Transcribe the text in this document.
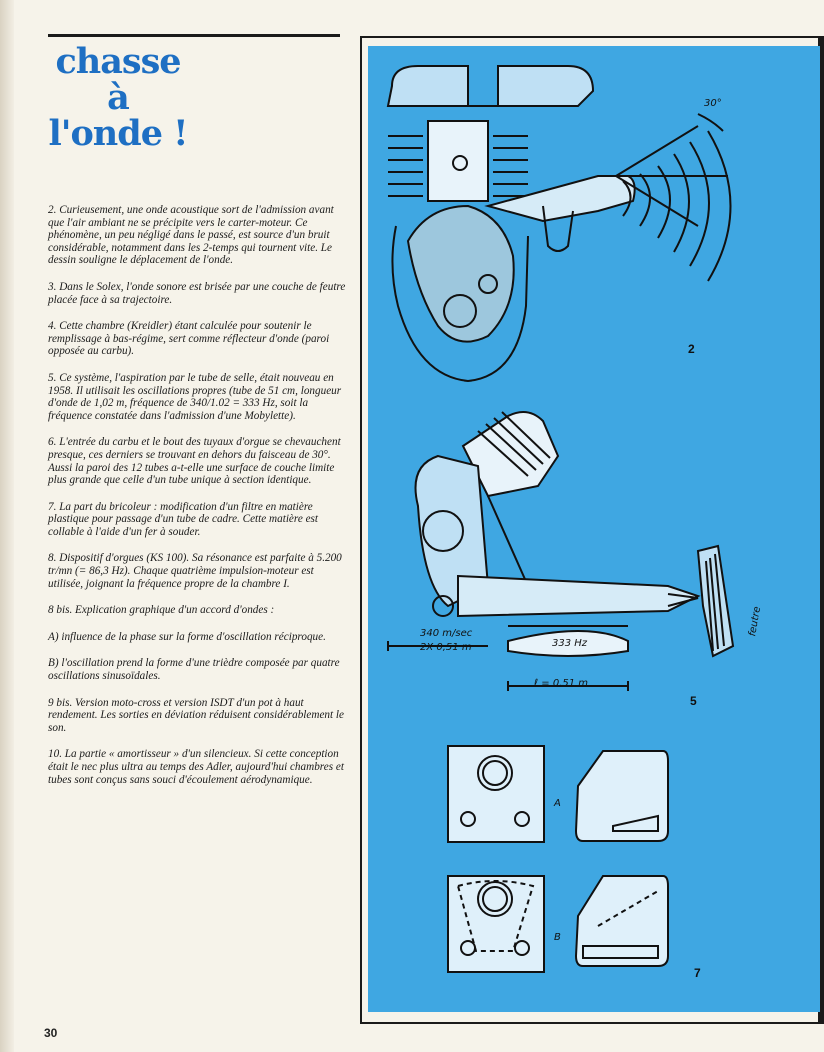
chasse
à
l'onde !

2. Curieusement, une onde acoustique sort de l'admission avant que l'air ambiant ne se précipite vers le carter-moteur. Ce phénomène, un peu négligé dans le passé, est source d'un bruit considérable, notamment dans les 2-temps qui tournent vite. Le dessin souligne le déplacement de l'onde.

3. Dans le Solex, l'onde sonore est brisée par une couche de feutre placée face à sa trajectoire.

4. Cette chambre (Kreidler) étant calculée pour soutenir le remplissage à bas-régime, sert comme réflecteur d'onde (paroi opposée au carbu).

5. Ce système, l'aspiration par le tube de selle, était nouveau en 1958. Il utilisait les oscillations propres (tube de 51 cm, longueur d'onde de 1,02 m, fréquence de 340/1.02 = 333 Hz, soit la fréquence constatée dans l'admission d'une Mobylette).

6. L'entrée du carbu et le bout des tuyaux d'orgue se chevauchent presque, ces derniers se trouvant en dehors du faisceau de 30°. Aussi la paroi des 12 tubes a-t-elle une surface de couche limite plus grande que celle d'un tube unique à section identique.

7. La part du bricoleur : modification d'un filtre en matière plastique pour passage d'un tube de cadre. Cette matière est collable à l'aide d'un fer à souder.

8. Dispositif d'orgues (KS 100). Sa résonance est parfaite à 5.200 tr/mn (= 86,3 Hz). Chaque quatrième impulsion-moteur est utilisée, joignant la fréquence propre de la chambre I.

8 bis. Explication graphique d'un accord d'ondes :

A) influence de la phase sur la forme d'oscillation réciproque.

B) l'oscillation prend la forme d'une trièdre composée par quatre oscillations sinusoïdales.

9 bis. Version moto-cross et version ISDT d'un pot à haut rendement. Les sorties en déviation réduisent considérablement le son.

10. La partie « amortisseur » d'un silencieux. Si cette conception était le nec plus ultra au temps des Adler, aujourd'hui chambres et tubes sont conçus sans souci d'écoulement aérodynamique.

30
2
30°
5
340 m/sec
2X 0,51 m	333 Hz
ℓ = 0,51 m
feutre
7
A
B
